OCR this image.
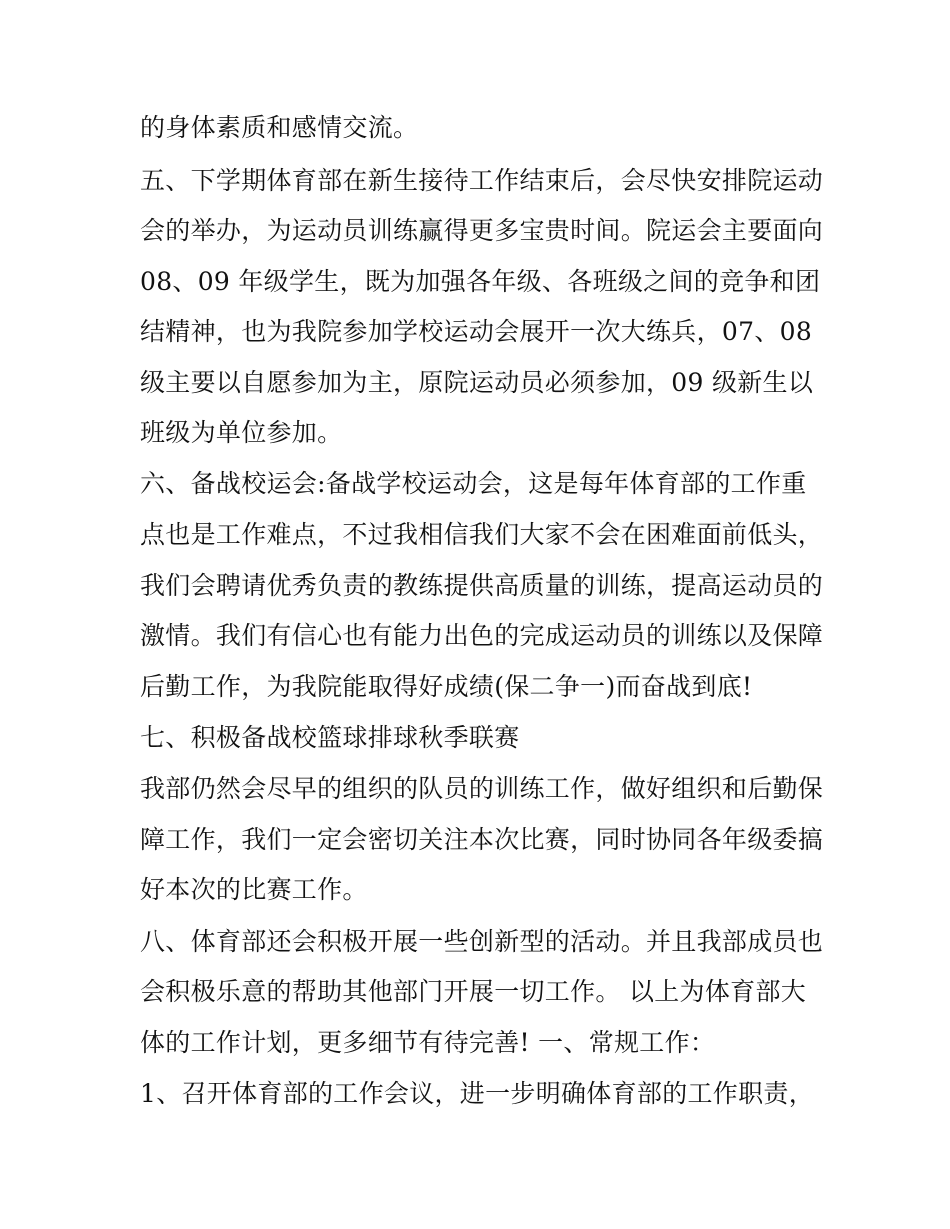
的身体素质和感情交流。
五、下学期体育部在新生接待工作结束后，会尽快安排院运动
会的举办，为运动员训练赢得更多宝贵时间。院运会主要面向
08、09 年级学生，既为加强各年级、各班级之间的竞争和团
结精神，也为我院参加学校运动会展开一次大练兵，07、08
级主要以自愿参加为主，原院运动员必须参加，09 级新生以
班级为单位参加。
六、备战校运会:备战学校运动会，这是每年体育部的工作重
点也是工作难点，不过我相信我们大家不会在困难面前低头，
我们会聘请优秀负责的教练提供高质量的训练，提高运动员的
激情。我们有信心也有能力出色的完成运动员的训练以及保障
后勤工作，为我院能取得好成绩(保二争一)而奋战到底!
七、积极备战校篮球排球秋季联赛
我部仍然会尽早的组织的队员的训练工作，做好组织和后勤保
障工作，我们一定会密切关注本次比赛，同时协同各年级委搞
好本次的比赛工作。
八、体育部还会积极开展一些创新型的活动。并且我部成员也
会积极乐意的帮助其他部门开展一切工作。 以上为体育部大
体的工作计划，更多细节有待完善! 一、常规工作：
1、召开体育部的工作会议，进一步明确体育部的工作职责，
